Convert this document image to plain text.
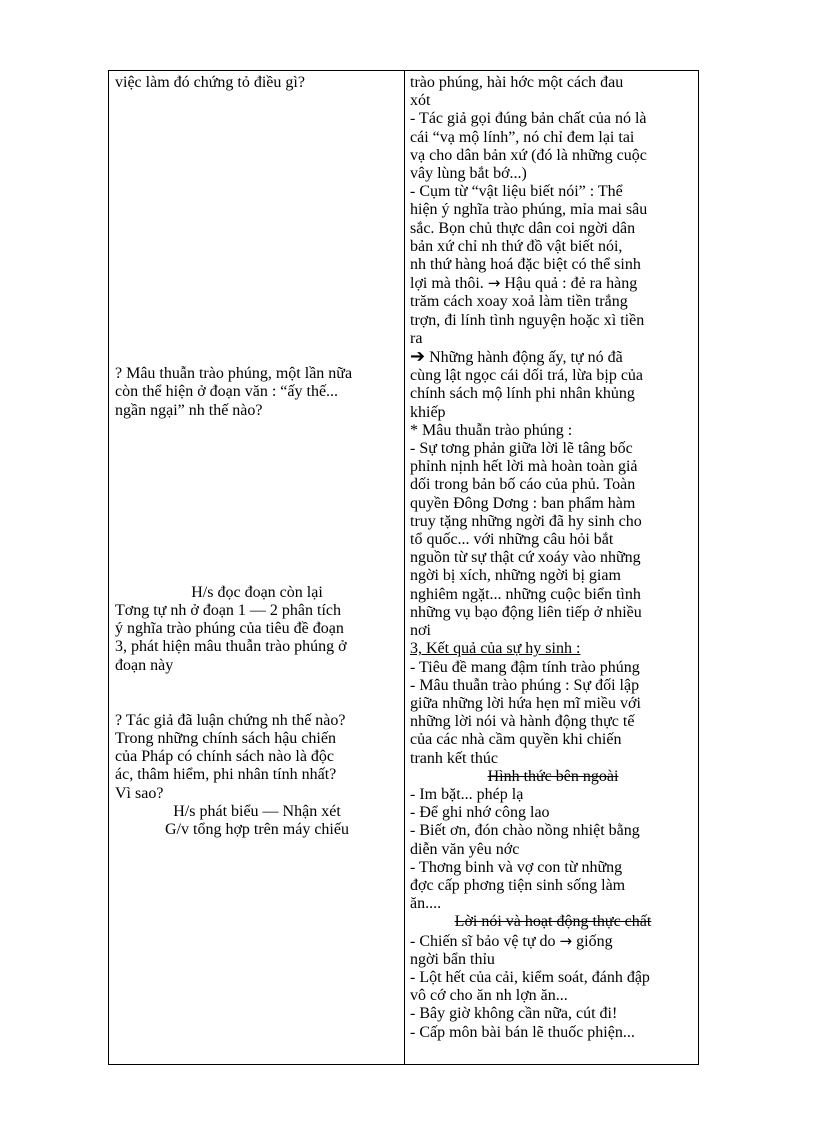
việc làm đó chứng tỏ điều gì?
? Mâu thuẫn trào phúng, một lần nữa
còn thể hiện ở đoạn văn : “ấy thế...
ngần ngại” nh thế nào?
H/s đọc đoạn còn lại
Tơng tự nh ở đoạn 1 — 2 phân tích
ý nghĩa trào phúng của tiêu đề đoạn
3, phát hiện mâu thuẫn trào phúng ở
đoạn này
? Tác giả đã luận chứng nh thế nào?
Trong những chính sách hậu chiến
của Pháp có chính sách nào là độc
ác, thâm hiểm, phi nhân tính nhất?
Vì sao?
H/s phát biểu — Nhận xét
G/v tổng hợp trên máy chiếu
trào phúng, hài hớc một cách đau
xót
- Tác giả gọi đúng bản chất của nó là
cái “vạ mộ lính”, nó chỉ đem lại tai
vạ cho dân bản xứ (đó là những cuộc
vây lùng bắt bớ...)
- Cụm từ “vật liệu biết nói” : Thể
hiện ý nghĩa trào phúng, mỉa mai sâu
sắc. Bọn chủ thực dân coi ngời dân
bản xứ chỉ nh thứ đồ vật biết nói,
nh thứ hàng hoá đặc biệt có thể sinh
lợi mà thôi. → Hậu quả : đẻ ra hàng
trăm cách xoay xoả làm tiền trắng
trợn, đi lính tình nguyện hoặc xì tiền
ra
➔ Những hành động ấy, tự nó đã
cùng lật ngọc cái dối trá, lừa bịp của
chính sách mộ lính phi nhân khủng
khiếp
* Mâu thuẫn trào phúng :
- Sự tơng phản giữa lời lẽ tâng bốc
phỉnh nịnh hết lời mà hoàn toàn giả
dối trong bản bố cáo của phủ. Toàn
quyền Đông Dơng : ban phẩm hàm
truy tặng những ngời đã hy sinh cho
tổ quốc... với những câu hỏi bắt
nguồn từ sự thật cứ xoáy vào những
ngời bị xích, những ngời bị giam
nghiêm ngặt... những cuộc biển tình
những vụ bạo động liên tiếp ở nhiều
nơi
3, Kết quả của sự hy sinh :
- Tiêu đề mang đậm tính trào phúng
- Mâu thuẫn trào phúng : Sự đối lập
giữa những lời hứa hẹn mĩ miều với
những lời nói và hành động thực tế
của các nhà cầm quyền khi chiến
tranh kết thúc
Hình thức bên ngoài
- Im bặt... phép lạ
- Để ghi nhớ công lao
- Biết ơn, đón chào nồng nhiệt bằng
diễn văn yêu nớc
- Thơng binh và vợ con từ những
đợc cấp phơng tiện sinh sống làm
ăn....
Lời nói và hoạt động thực chất
- Chiến sĩ bảo vệ tự do → giống
ngời bẩn thỉu
- Lột hết của cải, kiểm soát, đánh đập
vô cớ cho ăn nh lợn ăn...
- Bây giờ không cần nữa, cút đi!
- Cấp môn bài bán lẽ thuốc phiện...
